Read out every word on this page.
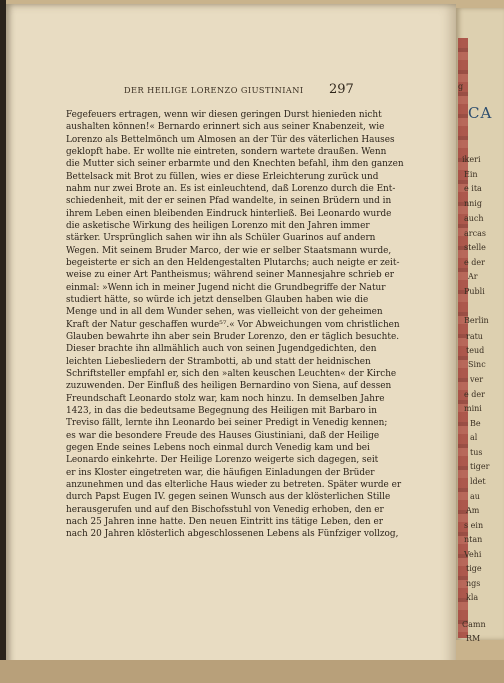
DER HEILIGE LORENZO GIUSTINIANI 297
Fegefeuers ertragen, wenn wir diesen geringen Durst hienieden nicht
aushalten können!« Bernardo erinnert sich aus seiner Knabenzeit, wie
Lorenzo als Bettelmönch um Almosen an der Tür des väterlichen Hauses
geklopft habe. Er wollte nie eintreten, sondern wartete draußen. Wenn
die Mutter sich seiner erbarmte und den Knechten befahl, ihm den ganzen
Bettelsack mit Brot zu füllen, wies er diese Erleichterung zurück und
nahm nur zwei Brote an. Es ist einleuchtend, daß Lorenzo durch die Ent-
schiedenheit, mit der er seinen Pfad wandelte, in seinen Brüdern und in
ihrem Leben einen bleibenden Eindruck hinterließ. Bei Leonardo wurde
die asketische Wirkung des heiligen Lorenzo mit den Jahren immer
stärker. Ursprünglich sahen wir ihn als Schüler Guarinos auf andern
Wegen. Mit seinem Bruder Marco, der wie er selber Staatsmann wurde,
begeisterte er sich an den Heldengestalten Plutarchs; auch neigte er zeit-
weise zu einer Art Pantheismus; während seiner Mannesjahre schrieb er
einmal: »Wenn ich in meiner Jugend nicht die Grundbegriffe der Natur
studiert hätte, so würde ich jetzt denselben Glauben haben wie die
Menge und in all dem Wunder sehen, was vielleicht von der geheimen
Kraft der Natur geschaffen wurde⁵⁷.« Vor Abweichungen vom christlichen
Glauben bewahrte ihn aber sein Bruder Lorenzo, den er täglich besuchte.
Dieser brachte ihn allmählich auch von seinen Jugendgedichten, den
leichten Liebesliedern der Strambotti, ab und statt der heidnischen
Schriftsteller empfahl er, sich den »alten keuschen Leuchten« der Kirche
zuzuwenden. Der Einfluß des heiligen Bernardino von Siena, auf dessen
Freundschaft Leonardo stolz war, kam noch hinzu. In demselben Jahre
1423, in das die bedeutsame Begegnung des Heiligen mit Barbaro in
Treviso fällt, lernte ihn Leonardo bei seiner Predigt in Venedig kennen;
es war die besondere Freude des Hauses Giustiniani, daß der Heilige
gegen Ende seines Lebens noch einmal durch Venedig kam und bei
Leonardo einkehrte. Der Heilige Lorenzo weigerte sich dagegen, seit
er ins Kloster eingetreten war, die häufigen Einladungen der Brüder
anzunehmen und das elterliche Haus wieder zu betreten. Später wurde er
durch Papst Eugen IV. gegen seinen Wunsch aus der klösterlichen Stille
herausgerufen und auf den Bischofsstuhl von Venedig erhoben, den er
nach 25 Jahren inne hatte. Den neuen Eintritt ins tätige Leben, den er
nach 20 Jahren klösterlich abgeschlossenen Lebens als Fünfziger vollzog,
g
CA
ikeri
Ein
e ita
nnig
auch
arcas
stelle
e der
Ar
Publi
Berlin
ratu
teud
Sinc
ver
e der
mini
Be
al
tus
tiger
ldet
au
Am
s ein
ntan
Vehi
tige
ngs
kla
Camn
RM
